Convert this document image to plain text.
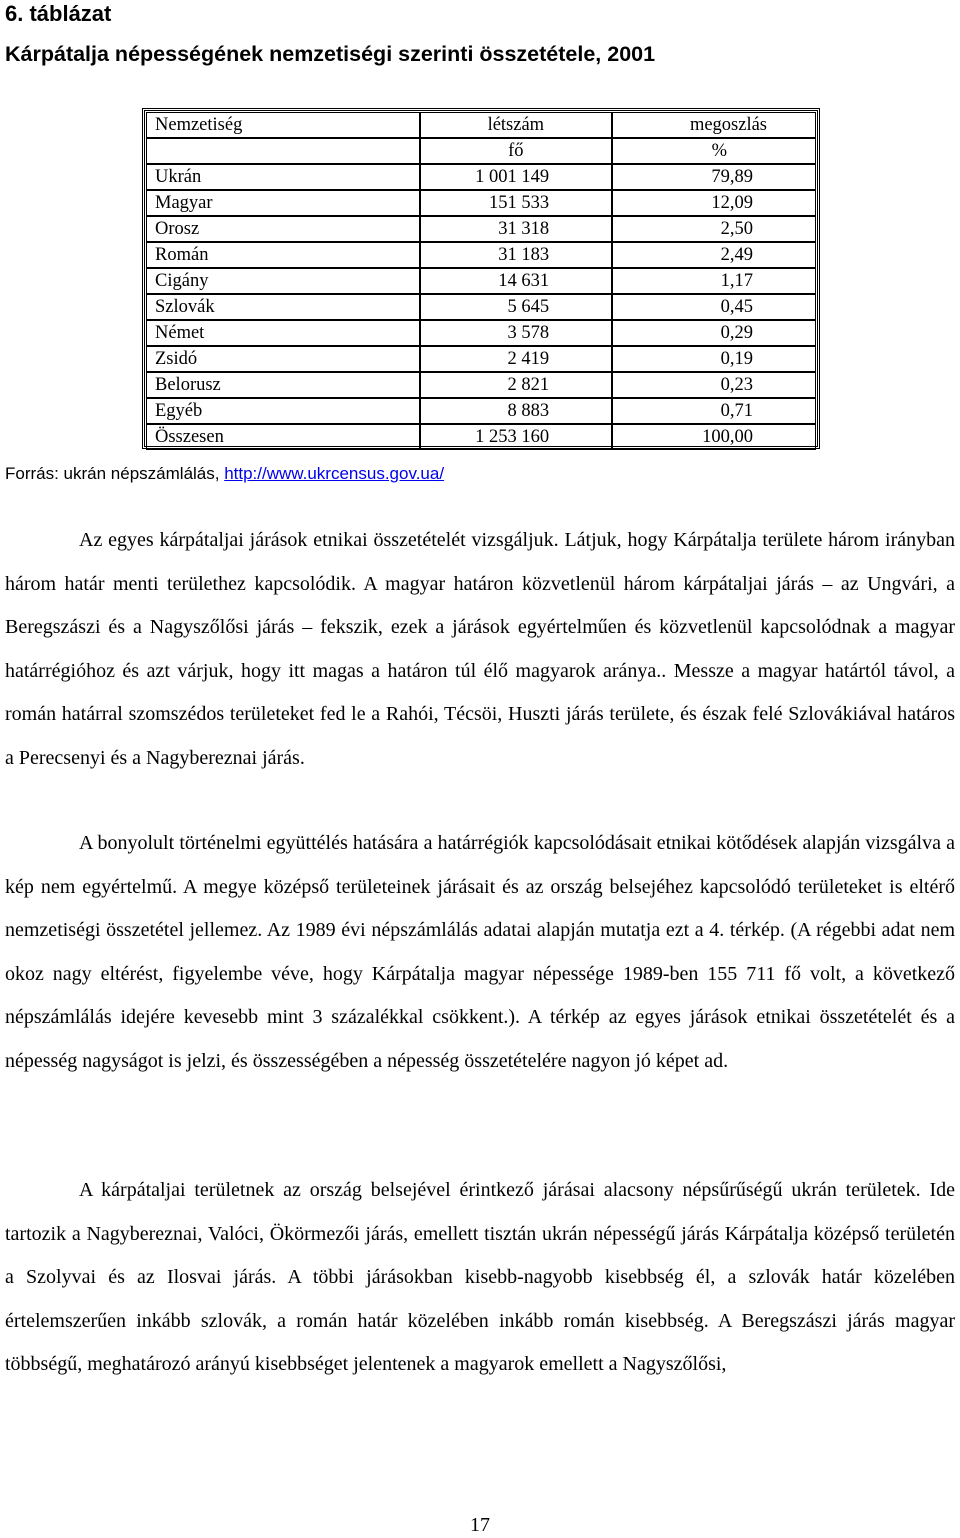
6. táblázat
Kárpátalja népességének nemzetiségi szerinti összetétele, 2001
Nemzetiség	létszám	megoszlás
	fő	%
Ukrán	1 001 149	79,89
Magyar	151 533	12,09
Orosz	31 318	2,50
Román	31 183	2,49
Cigány	14 631	1,17
Szlovák	5 645	0,45
Német	3 578	0,29
Zsidó	2 419	0,19
Belorusz	2 821	0,23
Egyéb	8 883	0,71
Összesen	1 253 160	100,00
Forrás: ukrán népszámlálás, http://www.ukrcensus.gov.ua/

Az egyes kárpátaljai járások etnikai összetételét vizsgáljuk. Látjuk, hogy Kárpátalja területe három irányban három határ menti területhez kapcsolódik. A magyar határon közvetlenül három kárpátaljai járás – az Ungvári, a Beregszászi és a Nagyszőlősi járás – fekszik, ezek a járások egyértelműen és közvetlenül kapcsolódnak a magyar határrégióhoz és azt várjuk, hogy itt magas a határon túl élő magyarok aránya.. Messze a magyar határtól távol, a román határral szomszédos területeket fed le a Rahói, Técsöi, Huszti járás területe, és észak felé Szlovákiával határos a Perecsenyi és a Nagybereznai járás.

A bonyolult történelmi együttélés hatására a határrégiók kapcsolódásait etnikai kötődések alapján vizsgálva a kép nem egyértelmű. A megye középső területeinek járásait és az ország belsejéhez kapcsolódó területeket is eltérő nemzetiségi összetétel jellemez. Az 1989 évi népszámlálás adatai alapján mutatja ezt a 4. térkép. (A régebbi adat nem okoz nagy eltérést, figyelembe véve, hogy Kárpátalja magyar népessége 1989-ben 155 711 fő volt, a következő népszámlálás idejére kevesebb mint 3 százalékkal csökkent.). A térkép az egyes járások etnikai összetételét és a népesség nagyságot is jelzi, és összességében a népesség összetételére nagyon jó képet ad.

A kárpátaljai területnek az ország belsejével érintkező járásai alacsony népsűrűségű ukrán területek. Ide tartozik a Nagybereznai, Valóci, Ökörmezői járás, emellett tisztán ukrán népességű járás Kárpátalja középső területén a Szolyvai és az Ilosvai járás. A többi járásokban kisebb-nagyobb kisebbség él, a szlovák határ közelében értelemszerűen inkább szlovák, a román határ közelében inkább román kisebbség. A Beregszászi járás magyar többségű, meghatározó arányú kisebbséget jelentenek a magyarok emellett a Nagyszőlősi,

17
